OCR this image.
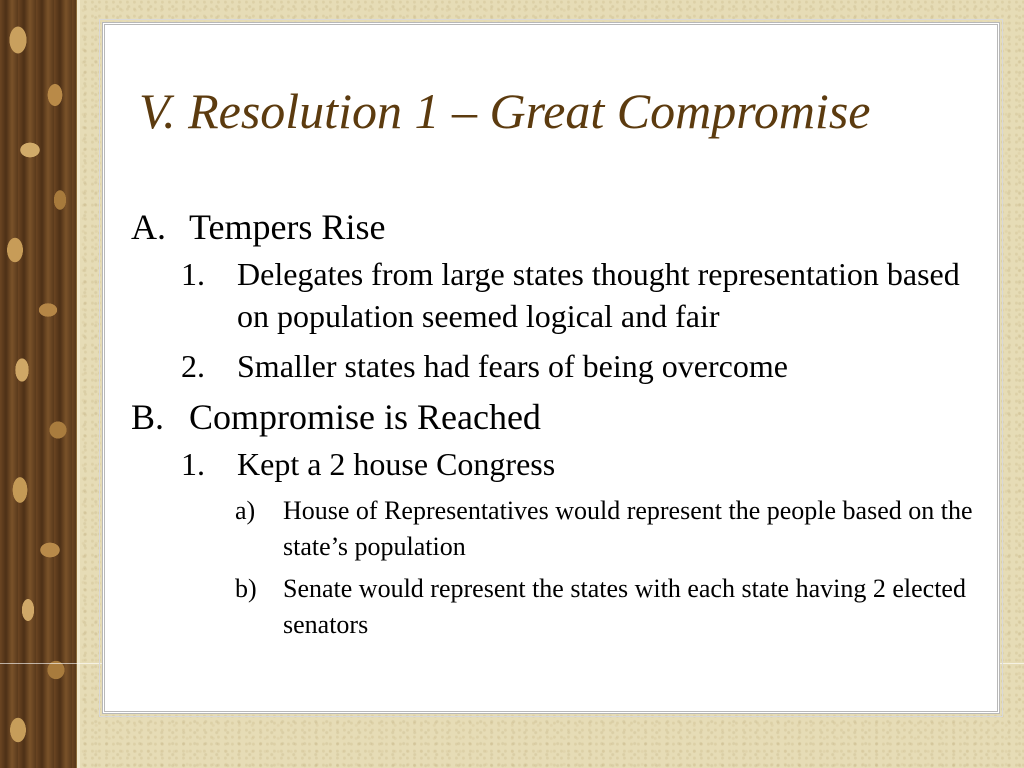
V. Resolution 1 – Great Compromise
A. Tempers Rise
1.	Delegates from large states thought representation based on population seemed logical and fair
2.	Smaller states had fears of being overcome
B. Compromise is Reached
1.	Kept a 2 house Congress
a)	House of Representatives would represent the people based on the state’s population
b)	Senate would represent the states with each state having 2 elected senators
